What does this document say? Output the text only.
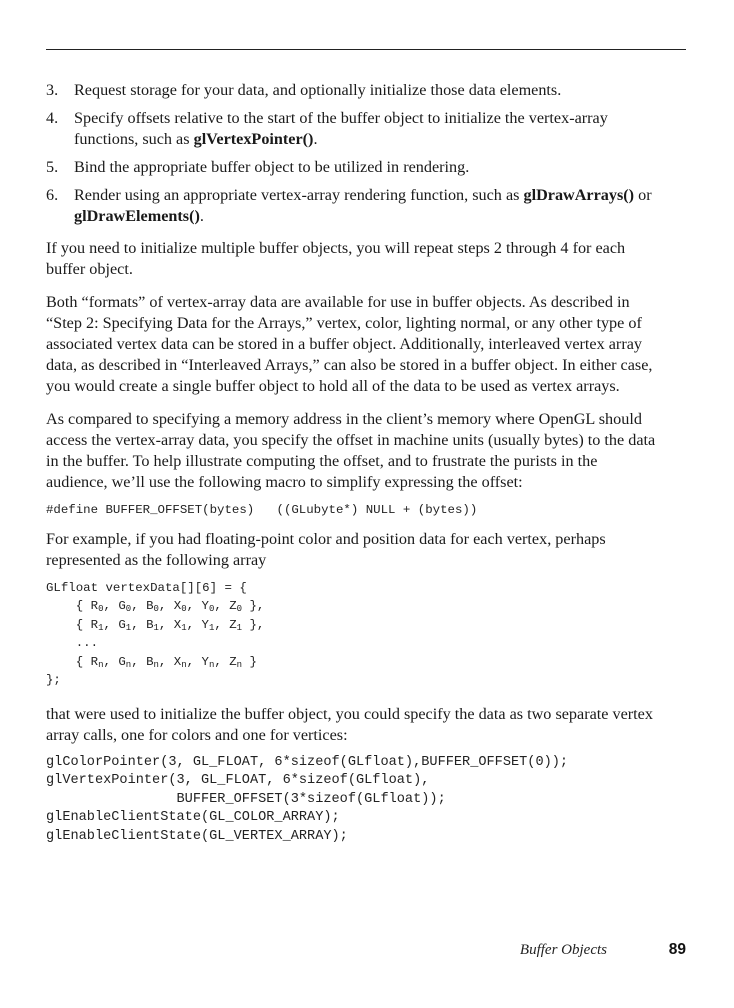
3. Request storage for your data, and optionally initialize those data elements.
4. Specify offsets relative to the start of the buffer object to initialize the vertex-array functions, such as glVertexPointer().
5. Bind the appropriate buffer object to be utilized in rendering.
6. Render using an appropriate vertex-array rendering function, such as glDrawArrays() or glDrawElements().

If you need to initialize multiple buffer objects, you will repeat steps 2 through 4 for each buffer object.

Both “formats” of vertex-array data are available for use in buffer objects. As described in “Step 2: Specifying Data for the Arrays,” vertex, color, lighting normal, or any other type of associated vertex data can be stored in a buffer object. Additionally, interleaved vertex array data, as described in “Interleaved Arrays,” can also be stored in a buffer object. In either case, you would create a single buffer object to hold all of the data to be used as vertex arrays.

As compared to specifying a memory address in the client’s memory where OpenGL should access the vertex-array data, you specify the offset in machine units (usually bytes) to the data in the buffer. To help illustrate computing the offset, and to frustrate the purists in the audience, we’ll use the following macro to simplify expressing the offset:

#define BUFFER_OFFSET(bytes)   ((GLubyte*) NULL + (bytes))

For example, if you had floating-point color and position data for each vertex, perhaps represented as the following array

GLfloat vertexData[][6] = {
{ $R_0$, $G_0$, $B_0$, $X_0$, $Y_0$, $Z_0$ },
{ $R_1$, $G_1$, $B_1$, $X_1$, $Y_1$, $Z_1$ },
...
{ $R_n$, $G_n$, $B_n$, $X_n$, $Y_n$, $Z_n$ }
};

that were used to initialize the buffer object, you could specify the data as two separate vertex array calls, one for colors and one for vertices:

glColorPointer(3, GL_FLOAT, 6*sizeof(GLfloat),BUFFER_OFFSET(0));
glVertexPointer(3, GL_FLOAT, 6*sizeof(GLfloat),
BUFFER_OFFSET(3*sizeof(GLfloat));
glEnableClientState(GL_COLOR_ARRAY);
glEnableClientState(GL_VERTEX_ARRAY);
Buffer Objects	89
